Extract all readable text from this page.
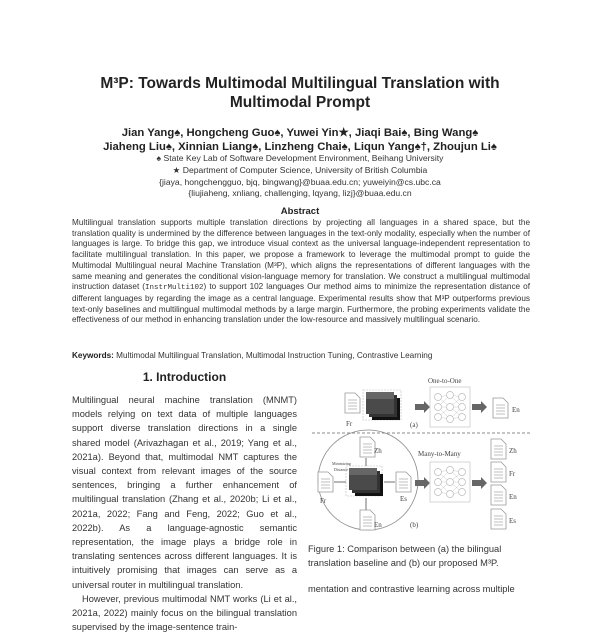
M³P: Towards Multimodal Multilingual Translation with
Multimodal Prompt
Jian Yang♠, Hongcheng Guo♠, Yuwei Yin★, Jiaqi Bai♠, Bing Wang♠
Jiaheng Liu♠, Xinnian Liang♠, Linzheng Chai♠, Liqun Yang♠†, Zhoujun Li♠
♠ State Key Lab of Software Development Environment, Beihang University
★ Department of Computer Science, University of British Columbia
{jiaya, hongchengguo, bjq, bingwang}@buaa.edu.cn; yuweiyin@cs.ubc.ca
{liujiaheng, xnliang, challenging, lqyang, lizj}@buaa.edu.cn
Abstract
Multilingual translation supports multiple translation directions by projecting all languages in a shared space, but the translation quality is undermined by the difference between languages in the text-only modality, especially when the number of languages is large. To bridge this gap, we introduce visual context as the universal language-independent representation to facilitate multilingual translation. In this paper, we propose a framework to leverage the multimodal prompt to guide the Multimodal Multilingual neural Machine Translation (M³P), which aligns the representations of different languages with the same meaning and generates the conditional vision-language memory for translation. We construct a multilingual multimodal instruction dataset (InstrMulti102) to support 102 languages Our method aims to minimize the representation distance of different languages by regarding the image as a central language. Experimental results show that M³P outperforms previous text-only baselines and multilingual multimodal methods by a large margin. Furthermore, the probing experiments validate the effectiveness of our method in enhancing translation under the low-resource and massively multilingual scenario.
Keywords: Multimodal Multilingual Translation, Multimodal Instruction Tuning, Contrastive Learning
1. Introduction

Multilingual neural machine translation (MNMT) models relying on text data of multiple languages support diverse translation directions in a single shared model (Arivazhagan et al., 2019; Yang et al., 2021a). Beyond that, multimodal NMT captures the visual context from relevant images of the source sentences, bringing a further enhancement of multilingual translation (Zhang et al., 2020b; Li et al., 2021a, 2022; Fang and Feng, 2022; Guo et al., 2022b). As a language-agnostic semantic representation, the image plays a bridge role in translating sentences across different languages. It is intuitively promising that images can serve as a universal router in multilingual translation.

However, previous multimodal NMT works (Li et al., 2021a, 2022) mainly focus on the bilingual translation supervised by the image-sentence train-

One-to-One
Fr
En
(a)
Zh
Minimizing
Distance
Fr	Es
En
Many-to-Many
(b)
Zh
Fr
En
Es
Figure 1: Comparison between (a) the bilingual translation baseline and (b) our proposed M³P.
mentation and contrastive learning across multiple
